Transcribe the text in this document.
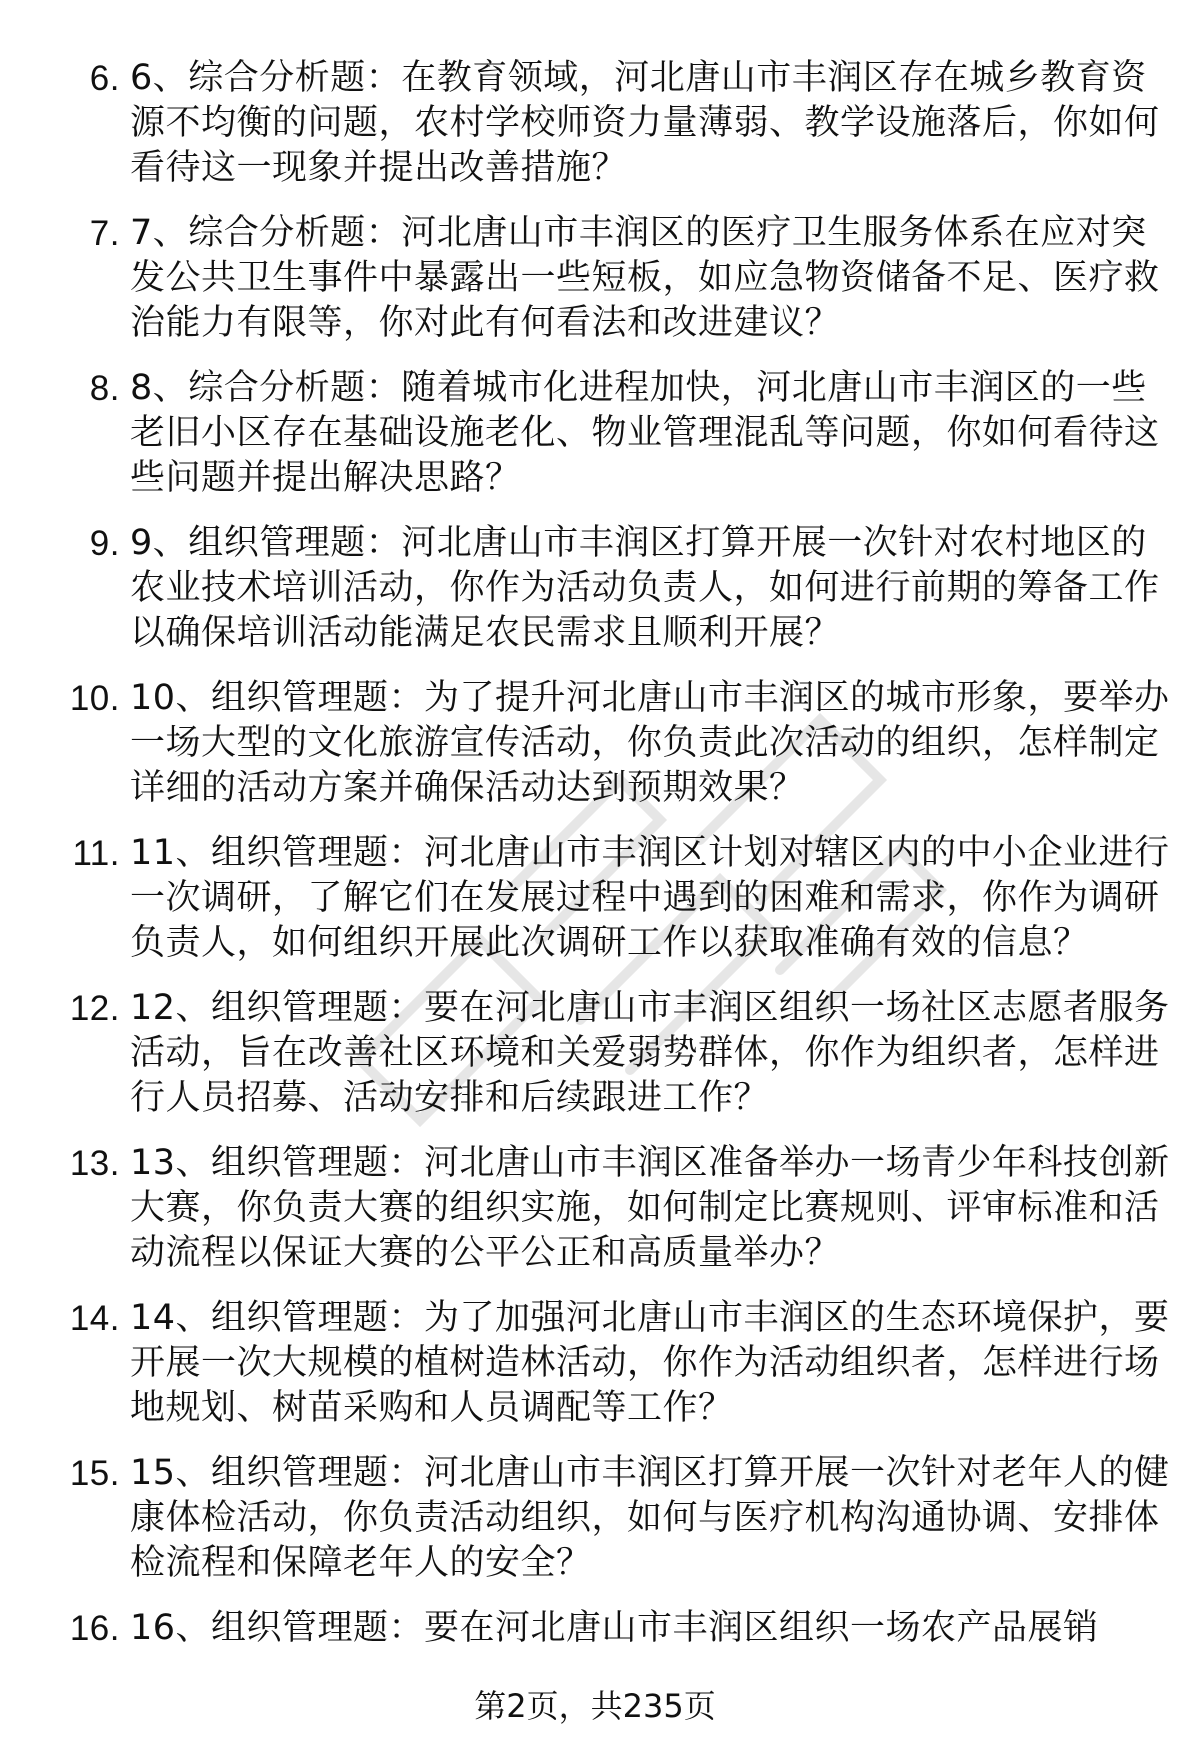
6. 6、综合分析题：在教育领域，河北唐山市丰润区存在城乡教育资源不均衡的问题，农村学校师资力量薄弱、教学设施落后，你如何看待这一现象并提出改善措施？
7. 7、综合分析题：河北唐山市丰润区的医疗卫生服务体系在应对突发公共卫生事件中暴露出一些短板，如应急物资储备不足、医疗救治能力有限等，你对此有何看法和改进建议？
8. 8、综合分析题：随着城市化进程加快，河北唐山市丰润区的一些老旧小区存在基础设施老化、物业管理混乱等问题，你如何看待这些问题并提出解决思路？
9. 9、组织管理题：河北唐山市丰润区打算开展一次针对农村地区的农业技术培训活动，你作为活动负责人，如何进行前期的筹备工作以确保培训活动能满足农民需求且顺利开展？
10. 10、组织管理题：为了提升河北唐山市丰润区的城市形象，要举办一场大型的文化旅游宣传活动，你负责此次活动的组织，怎样制定详细的活动方案并确保活动达到预期效果？
11. 11、组织管理题：河北唐山市丰润区计划对辖区内的中小企业进行一次调研，了解它们在发展过程中遇到的困难和需求，你作为调研负责人，如何组织开展此次调研工作以获取准确有效的信息？
12. 12、组织管理题：要在河北唐山市丰润区组织一场社区志愿者服务活动，旨在改善社区环境和关爱弱势群体，你作为组织者，怎样进行人员招募、活动安排和后续跟进工作？
13. 13、组织管理题：河北唐山市丰润区准备举办一场青少年科技创新大赛，你负责大赛的组织实施，如何制定比赛规则、评审标准和活动流程以保证大赛的公平公正和高质量举办？
14. 14、组织管理题：为了加强河北唐山市丰润区的生态环境保护，要开展一次大规模的植树造林活动，你作为活动组织者，怎样进行场地规划、树苗采购和人员调配等工作？
15. 15、组织管理题：河北唐山市丰润区打算开展一次针对老年人的健康体检活动，你负责活动组织，如何与医疗机构沟通协调、安排体检流程和保障老年人的安全？
16. 16、组织管理题：要在河北唐山市丰润区组织一场农产品展销
第2页，共235页
